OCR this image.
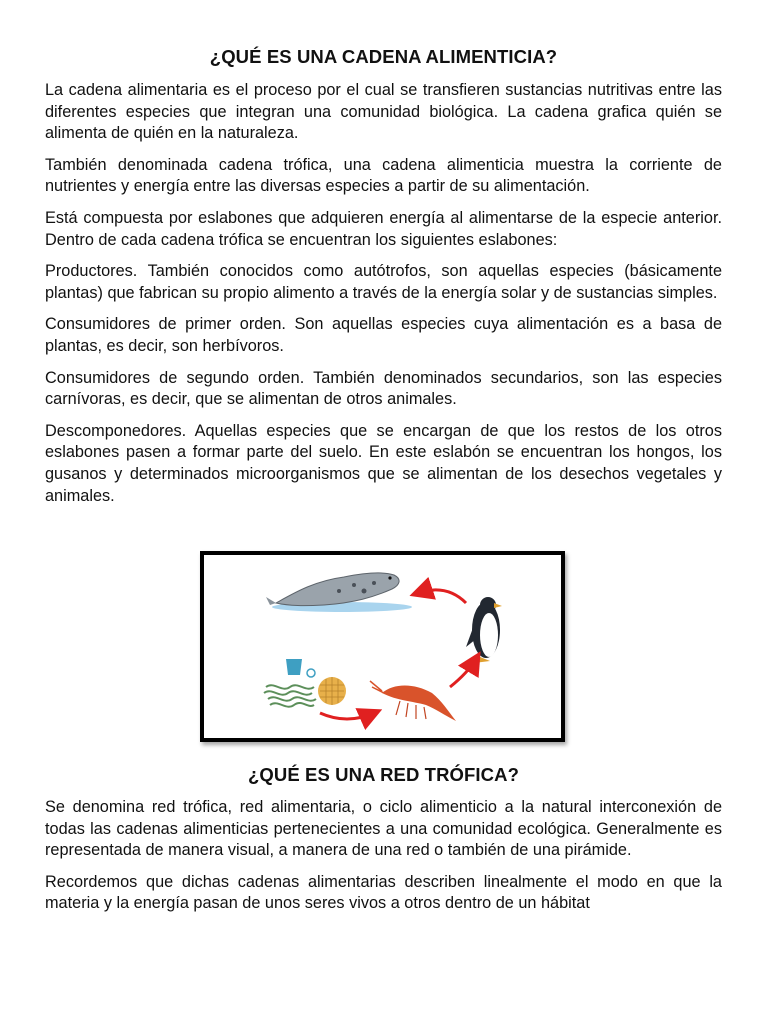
¿QUÉ ES UNA CADENA ALIMENTICIA?

La cadena alimentaria es el proceso por el cual se transfieren sustancias nutritivas entre las diferentes especies que integran una comunidad biológica. La cadena grafica quién se alimenta de quién en la naturaleza.

También denominada cadena trófica, una cadena alimenticia muestra la corriente de nutrientes y energía entre las diversas especies a partir de su alimentación.

Está compuesta por eslabones que adquieren energía al alimentarse de la especie anterior. Dentro de cada cadena trófica se encuentran los siguientes eslabones:

Productores. También conocidos como autótrofos, son aquellas especies (básicamente plantas) que fabrican su propio alimento a través de la energía solar y de sustancias simples.

Consumidores de primer orden. Son aquellas especies cuya alimentación es a basa de plantas, es decir, son herbívoros.

Consumidores de segundo orden. También denominados secundarios, son las especies carnívoras, es decir, que se alimentan de otros animales.

Descomponedores. Aquellas especies que se encargan de que los restos de los otros eslabones pasen a formar parte del suelo. En este eslabón se encuentran los hongos, los gusanos y determinados microorganismos que se alimentan de los desechos vegetales y animales.

¿QUÉ ES UNA RED TRÓFICA?

Se denomina red trófica, red alimentaria, o ciclo alimenticio a la natural interconexión de todas las cadenas alimenticias pertenecientes a una comunidad ecológica. Generalmente es representada de manera visual, a manera de una red o también de una pirámide.

Recordemos que dichas cadenas alimentarias describen linealmente el modo en que la materia y la energía pasan de unos seres vivos a otros dentro de un hábitat
